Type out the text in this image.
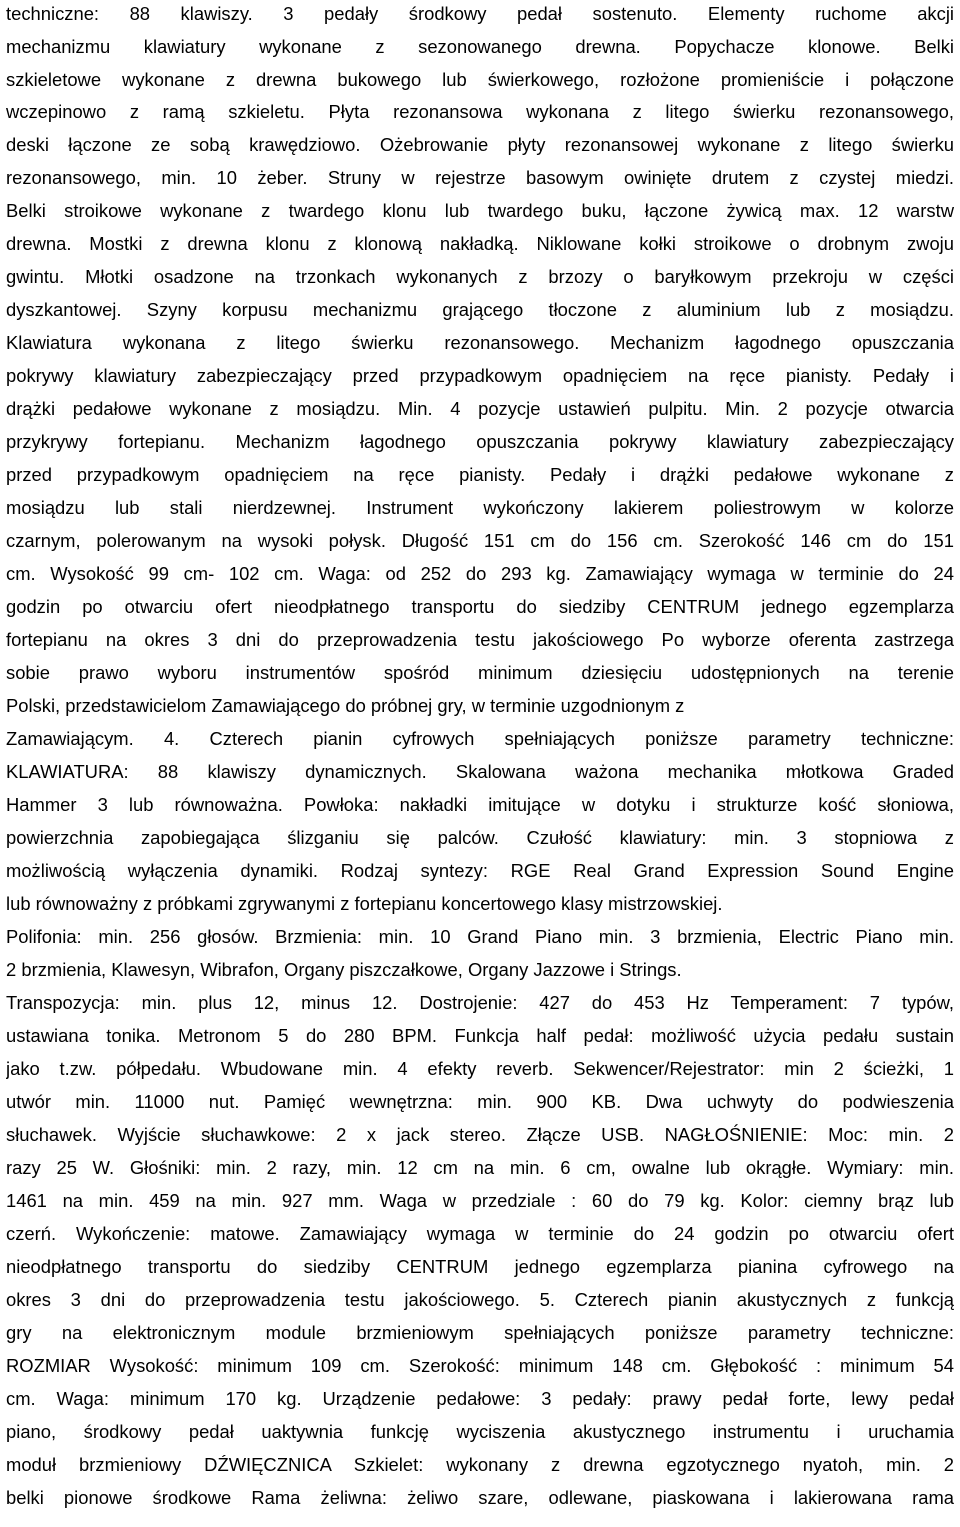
techniczne: 88 klawiszy. 3 pedały środkowy pedał sostenuto. Elementy ruchome akcji

mechanizmu klawiatury wykonane z sezonowanego drewna. Popychacze klonowe. Belki

szkieletowe wykonane z drewna bukowego lub świerkowego, rozłożone promieniście i połączone

wczepinowo z ramą szkieletu. Płyta rezonansowa wykonana z litego świerku rezonansowego,

deski łączone ze sobą krawędziowo. Ożebrowanie płyty rezonansowej wykonane z litego świerku

rezonansowego, min. 10 żeber. Struny w rejestrze basowym owinięte drutem z czystej miedzi.

Belki stroikowe wykonane z twardego klonu lub twardego buku, łączone żywicą max. 12 warstw

drewna. Mostki z drewna klonu z klonową nakładką. Niklowane kołki stroikowe o drobnym zwoju

gwintu. Młotki osadzone na trzonkach wykonanych z brzozy o baryłkowym przekroju w części

dyszkantowej. Szyny korpusu mechanizmu grającego tłoczone z aluminium lub z mosiądzu.

Klawiatura wykonana z litego świerku rezonansowego. Mechanizm łagodnego opuszczania

pokrywy klawiatury zabezpieczający przed przypadkowym opadnięciem na ręce pianisty. Pedały i

drążki pedałowe wykonane z mosiądzu. Min. 4 pozycje ustawień pulpitu. Min. 2 pozycje otwarcia

przykrywy fortepianu. Mechanizm łagodnego opuszczania pokrywy klawiatury zabezpieczający

przed przypadkowym opadnięciem na ręce pianisty. Pedały i drążki pedałowe wykonane z

mosiądzu lub stali nierdzewnej. Instrument wykończony lakierem poliestrowym w kolorze

czarnym, polerowanym na wysoki połysk. Długość 151 cm do 156 cm. Szerokość 146 cm do 151

cm. Wysokość 99 cm- 102 cm. Waga: od 252 do 293 kg. Zamawiający wymaga w terminie do 24

godzin po otwarciu ofert nieodpłatnego transportu do siedziby CENTRUM jednego egzemplarza

fortepianu na okres 3 dni do przeprowadzenia testu jakościowego Po wyborze oferenta zastrzega

sobie prawo wyboru instrumentów spośród minimum dziesięciu udostępnionych na terenie

Polski, przedstawicielom Zamawiającego do próbnej gry, w terminie uzgodnionym z

Zamawiającym. 4. Czterech pianin cyfrowych spełniających poniższe parametry techniczne:

KLAWIATURA: 88 klawiszy dynamicznych. Skalowana ważona mechanika młotkowa Graded

Hammer 3 lub równoważna. Powłoka: nakładki imitujące w dotyku i strukturze kość słoniowa,

powierzchnia zapobiegająca ślizganiu się palców. Czułość klawiatury: min. 3 stopniowa z

możliwością wyłączenia dynamiki. Rodzaj syntezy: RGE Real Grand Expression Sound Engine

lub równoważny z próbkami zgrywanymi z fortepianu koncertowego klasy mistrzowskiej.

Polifonia: min. 256 głosów. Brzmienia: min. 10 Grand Piano min. 3 brzmienia, Electric Piano min.

2 brzmienia, Klawesyn, Wibrafon, Organy piszczałkowe, Organy Jazzowe i Strings.

Transpozycja: min. plus 12, minus 12. Dostrojenie: 427 do 453 Hz Temperament: 7 typów,

ustawiana tonika. Metronom 5 do 280 BPM. Funkcja half pedał: możliwość użycia pedału sustain

jako t.zw. półpedału. Wbudowane min. 4 efekty reverb. Sekwencer/Rejestrator: min 2 ścieżki, 1

utwór min. 11000 nut. Pamięć wewnętrzna: min. 900 KB. Dwa uchwyty do podwieszenia

słuchawek. Wyjście słuchawkowe: 2 x jack stereo. Złącze USB. NAGŁOŚNIENIE: Moc: min. 2

razy 25 W. Głośniki: min. 2 razy, min. 12 cm na min. 6 cm, owalne lub okrągłe. Wymiary: min.

1461 na min. 459 na min. 927 mm. Waga w przedziale : 60 do 79 kg. Kolor: ciemny brąz lub

czerń. Wykończenie: matowe. Zamawiający wymaga w terminie do 24 godzin po otwarciu ofert

nieodpłatnego transportu do siedziby CENTRUM jednego egzemplarza pianina cyfrowego na

okres 3 dni do przeprowadzenia testu jakościowego. 5. Czterech pianin akustycznych z funkcją

gry na elektronicznym module brzmieniowym spełniających poniższe parametry techniczne:

ROZMIAR Wysokość: minimum 109 cm. Szerokość: minimum 148 cm. Głębokość : minimum 54

cm. Waga: minimum 170 kg. Urządzenie pedałowe: 3 pedały: prawy pedał forte, lewy pedał

piano, środkowy pedał uaktywnia funkcję wyciszenia akustycznego instrumentu i uruchamia

moduł brzmieniowy DŹWIĘCZNICA Szkielet: wykonany z drewna egzotycznego nyatoh, min. 2

belki pionowe środkowe Rama żeliwna: żeliwo szare, odlewane, piaskowana i lakierowana rama
